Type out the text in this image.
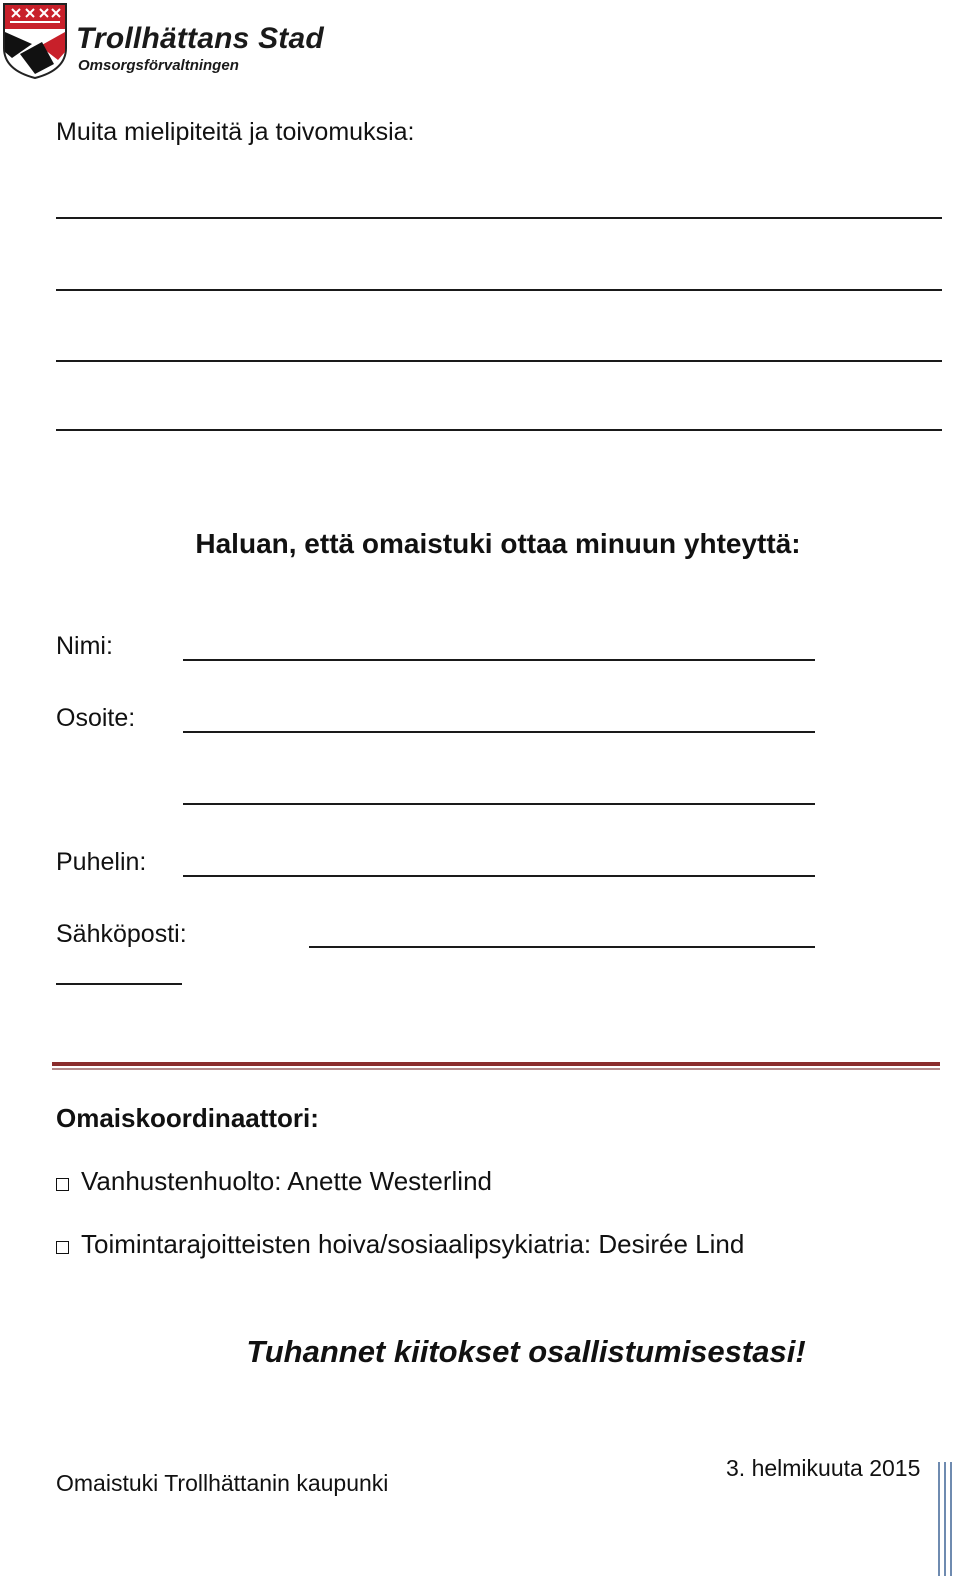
Trollhättans Stad
Omsorgsförvaltningen
Muita mielipiteitä ja toivomuksia:
Haluan, että omaistuki ottaa minuun yhteyttä:
Nimi:
Osoite:
Puhelin:
Sähköposti:
Omaiskoordinaattori:
Vanhustenhuolto: Anette Westerlind
Toimintarajoitteisten hoiva/sosiaalipsykiatria: Desirée Lind
Tuhannet kiitokset osallistumisestasi!
Omaistuki Trollhättanin kaupunki
3. helmikuuta 2015
